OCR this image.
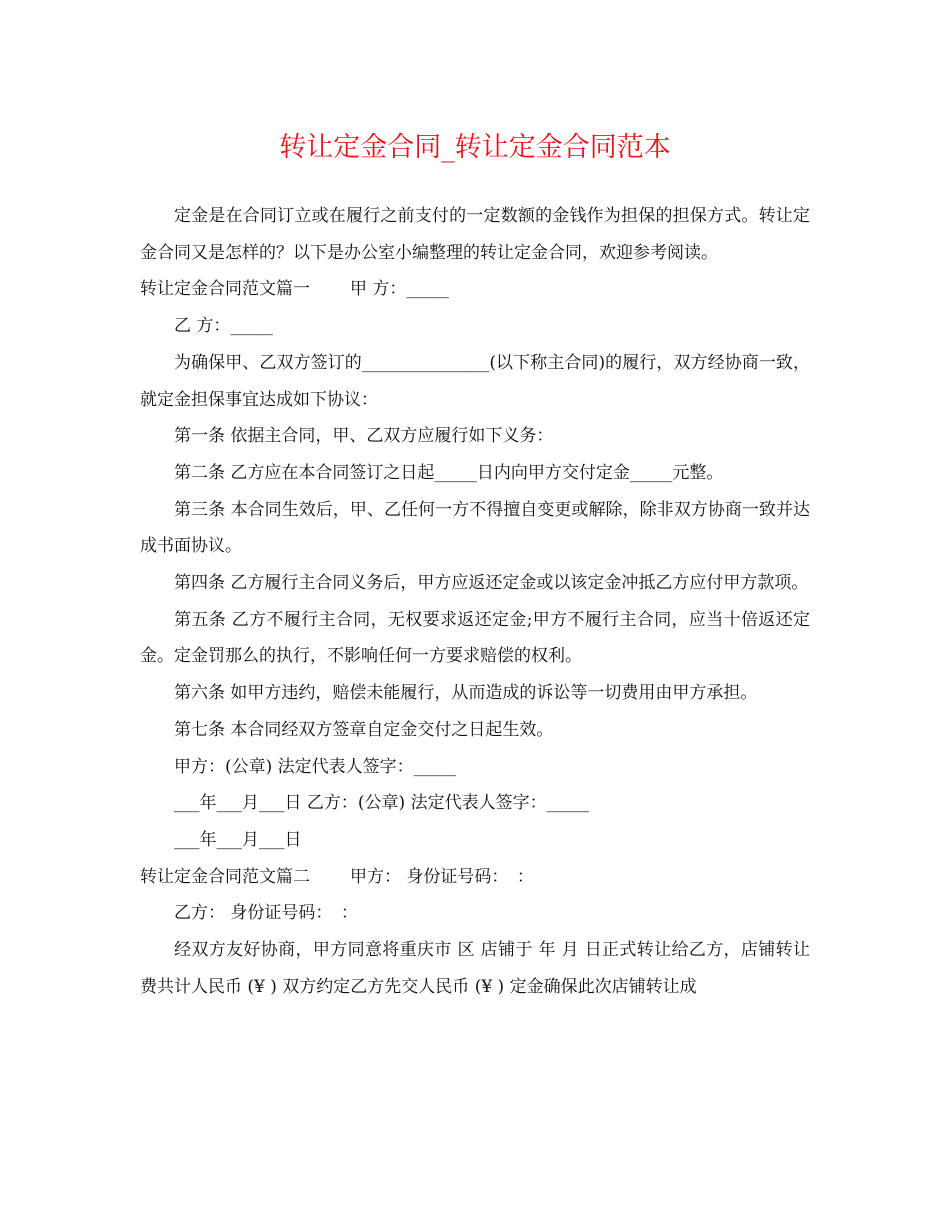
转让定金合同_转让定金合同范本

定金是在合同订立或在履行之前支付的一定数额的金钱作为担保的担保方式。转让定金合同又是怎样的？以下是办公室小编整理的转让定金合同，欢迎参考阅读。

转让定金合同范文篇一 甲 方：_____

乙 方：_____

为确保甲、乙双方签订的_______________(以下称主合同)的履行，双方经协商一致，就定金担保事宜达成如下协议：

第一条 依据主合同，甲、乙双方应履行如下义务：

第二条 乙方应在本合同签订之日起_____日内向甲方交付定金_____元整。

第三条 本合同生效后，甲、乙任何一方不得擅自变更或解除，除非双方协商一致并达成书面协议。

第四条 乙方履行主合同义务后，甲方应返还定金或以该定金冲抵乙方应付甲方款项。

第五条 乙方不履行主合同，无权要求返还定金;甲方不履行主合同，应当十倍返还定金。定金罚那么的执行，不影响任何一方要求赔偿的权利。

第六条 如甲方违约，赔偿未能履行，从而造成的诉讼等一切费用由甲方承担。

第七条 本合同经双方签章自定金交付之日起生效。

甲方：(公章) 法定代表人签字：_____

___年___月___日 乙方：(公章) 法定代表人签字：_____

___年___月___日

转让定金合同范文篇二 甲方： 身份证号码：　：

乙方： 身份证号码：　：

经双方友好协商，甲方同意将重庆市 区 店铺于 年 月 日正式转让给乙方，店铺转让费共计人民币 (¥ ) 双方约定乙方先交人民币 (¥ ) 定金确保此次店铺转让成
